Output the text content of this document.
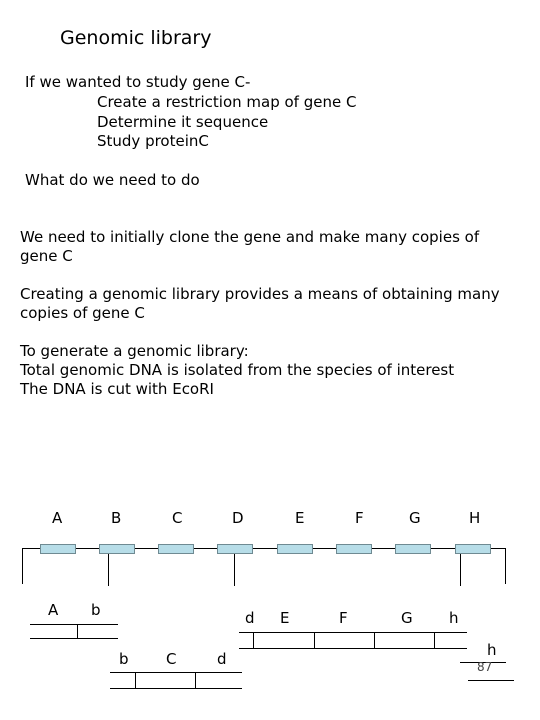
Genomic library
If we wanted to study gene C-
Create a restriction map of gene C
Determine it sequence
Study proteinC
What do we need to do
We need to initially clone the gene and make many copies of
gene C
Creating a genomic library provides a means of obtaining many
copies of gene C
To generate a genomic library:
Total genomic DNA is isolated from the species of interest
The DNA is cut with EcoRI
A	B	C	D	E	F	G	H
A b
b C	d
d E	F	G h
h
87
